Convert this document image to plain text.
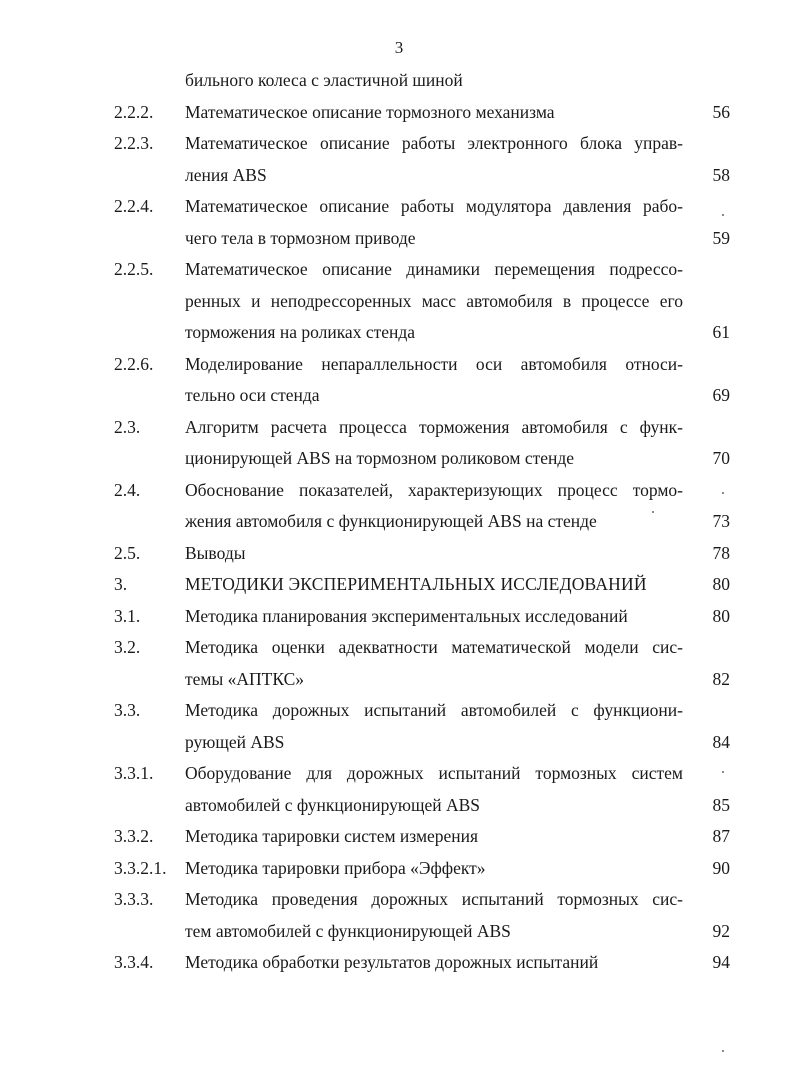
3
бильного колеса с эластичной шиной
2.2.2. Математическое описание тормозного механизма	56
2.2.3. Математическое описание работы электронного блока управ-
ления ABS	58
2.2.4. Математическое описание работы модулятора давления рабо-
чего тела в тормозном приводе	59
2.2.5. Математическое описание динамики перемещения подрессо-
ренных и неподрессоренных масс автомобиля в процессе его
торможения на роликах стенда	61
2.2.6. Моделирование непараллельности оси автомобиля относи-
тельно оси стенда	69
2.3.	Алгоритм расчета процесса торможения автомобиля с функ-
ционирующей ABS на тормозном роликовом стенде	70
2.4.	Обоснование показателей, характеризующих процесс тормо-
жения автомобиля с функционирующей ABS на стенде	73
2.5.	Выводы	78
3.	МЕТОДИКИ ЭКСПЕРИМЕНТАЛЬНЫХ ИССЛЕДОВАНИЙ	80
3.1.	Методика планирования экспериментальных исследований	80
3.2.	Методика оценки адекватности математической модели сис-
темы «АПТКС»	82
3.3.	Методика дорожных испытаний автомобилей с функциони-
рующей ABS	84
3.3.1. Оборудование для дорожных испытаний тормозных систем
автомобилей с функционирующей ABS	85
3.3.2. Методика тарировки систем измерения	87
3.3.2.1. Методика тарировки прибора «Эффект»	90
3.3.3. Методика проведения дорожных испытаний тормозных сис-
тем автомобилей с функционирующей ABS	92
3.3.4. Методика обработки результатов дорожных испытаний	94
